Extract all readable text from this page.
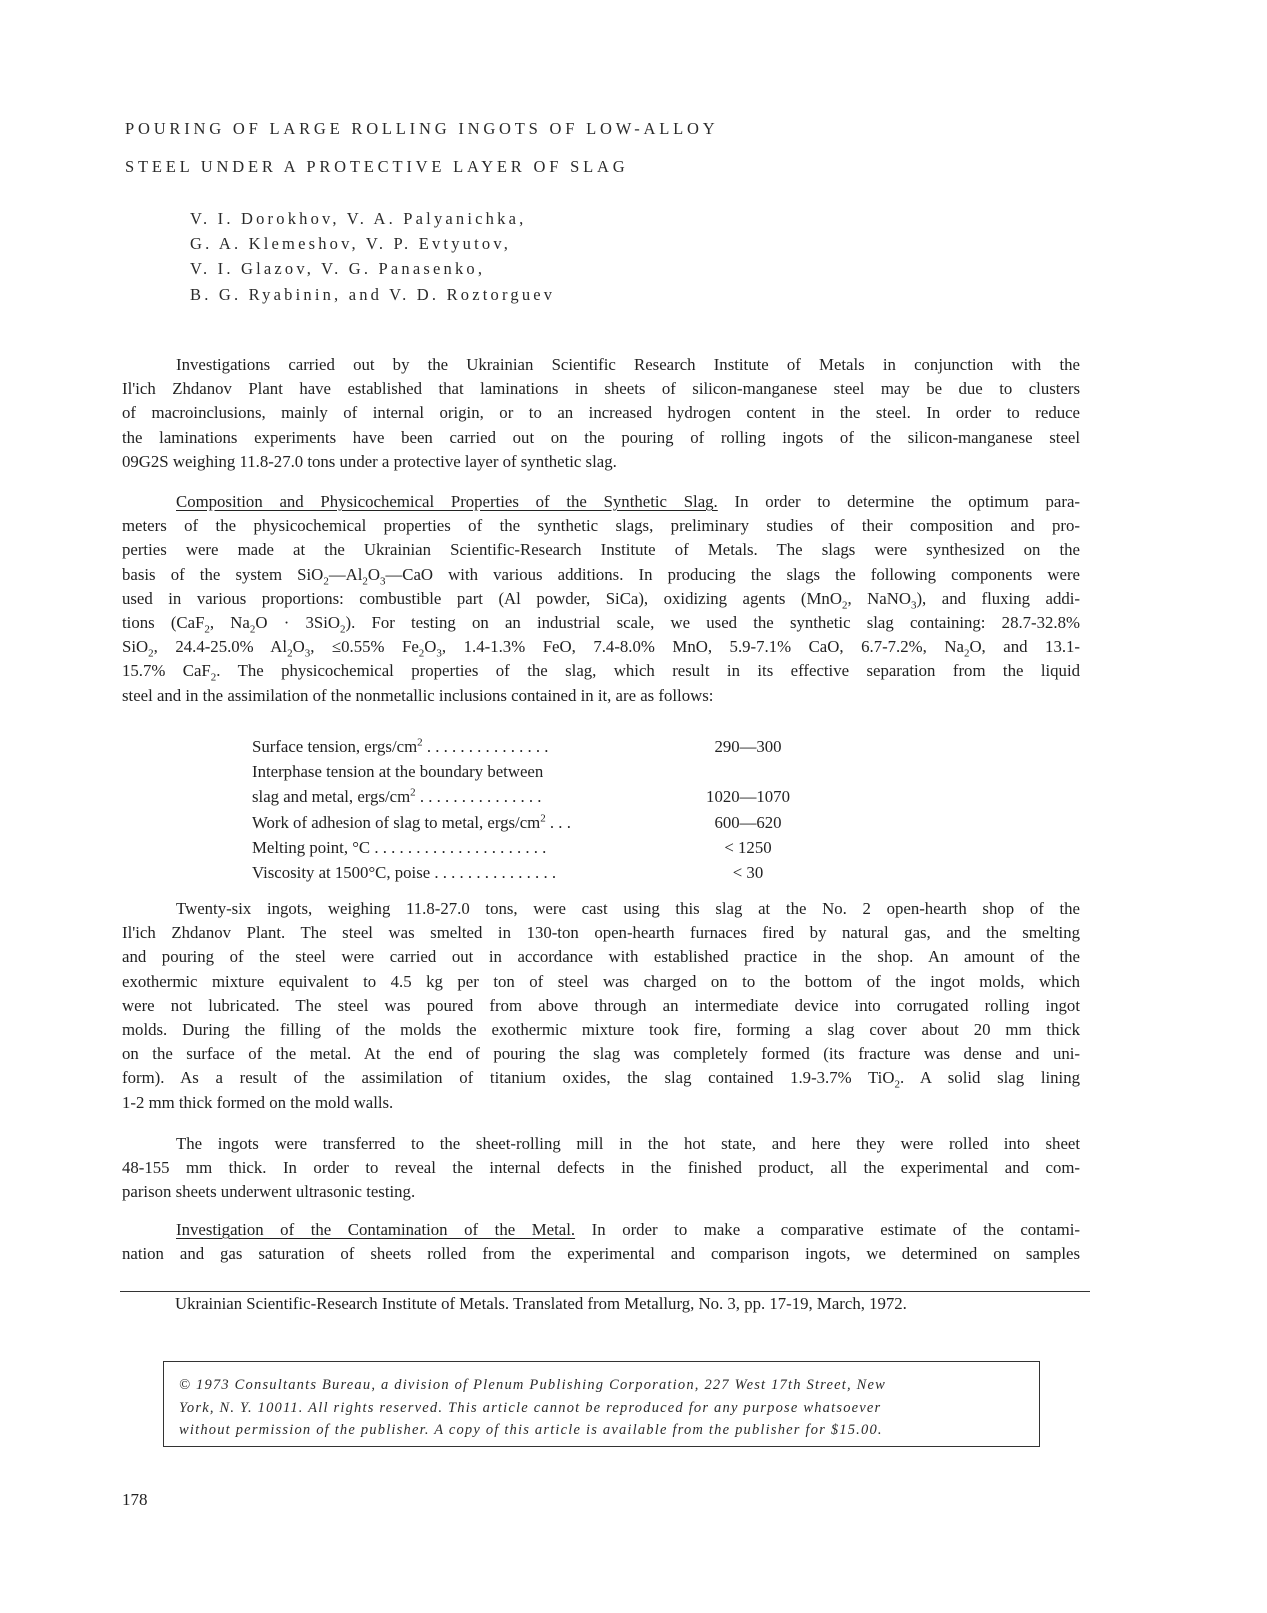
POURING OF LARGE ROLLING INGOTS OF LOW-ALLOY
STEEL UNDER A PROTECTIVE LAYER OF SLAG
V. I. Dorokhov, V. A. Palyanichka,
G. A. Klemeshov, V. P. Evtyutov,
V. I. Glazov, V. G. Panasenko,
B. G. Ryabinin, and V. D. Roztorguev
Investigations carried out by the Ukrainian Scientific Research Institute of Metals in conjunction with the
Il'ich Zhdanov Plant have established that laminations in sheets of silicon-manganese steel may be due to clusters
of macroinclusions, mainly of internal origin, or to an increased hydrogen content in the steel. In order to reduce
the laminations experiments have been carried out on the pouring of rolling ingots of the silicon-manganese steel
09G2S weighing 11.8-27.0 tons under a protective layer of synthetic slag.
Composition and Physicochemical Properties of the Synthetic Slag. In order to determine the optimum para-
meters of the physicochemical properties of the synthetic slags, preliminary studies of their composition and pro-
perties were made at the Ukrainian Scientific-Research Institute of Metals. The slags were synthesized on the
basis of the system $SiO_2—Al_2O_3—CaO$ with various additions. In producing the slags the following components were
used in various proportions: combustible part (Al powder, SiCa), oxidizing agents (MnO$_2$, NaNO$_3$), and fluxing addi-
tions (CaF$_2$, $Na_2O \cdot 3SiO_2$). For testing on an industrial scale, we used the synthetic slag containing: 28.7-32.8%
SiO$_2$, 24.4-25.0% $Al_2O_3$, ≤0.55% $Fe_2O_3$, 1.4-1.3% FeO, 7.4-8.0% MnO, 5.9-7.1% CaO, 6.7-7.2%, $Na_2O$, and 13.1-
15.7% CaF$_2$. The physicochemical properties of the slag, which result in its effective separation from the liquid
steel and in the assimilation of the nonmetallic inclusions contained in it, are as follows:
Surface tension, ergs/$cm^2$ . . . . . . . . . . . . . . .	290—300
Interphase tension at the boundary between
slag and metal, ergs/$cm^2$ . . . . . . . . . . . . . . .	1020—1070
Work of adhesion of slag to metal, ergs/$cm^2$ . . .	600—620
Melting point, °C . . . . . . . . . . . . . . . . . . . . .	< 1250
Viscosity at 1500°C, poise . . . . . . . . . . . . . . .	< 30
Twenty-six ingots, weighing 11.8-27.0 tons, were cast using this slag at the No. 2 open-hearth shop of the
Il'ich Zhdanov Plant. The steel was smelted in 130-ton open-hearth furnaces fired by natural gas, and the smelting
and pouring of the steel were carried out in accordance with established practice in the shop. An amount of the
exothermic mixture equivalent to 4.5 kg per ton of steel was charged on to the bottom of the ingot molds, which
were not lubricated. The steel was poured from above through an intermediate device into corrugated rolling ingot
molds. During the filling of the molds the exothermic mixture took fire, forming a slag cover about 20 mm thick
on the surface of the metal. At the end of pouring the slag was completely formed (its fracture was dense and uni-
form). As a result of the assimilation of titanium oxides, the slag contained 1.9-3.7% TiO$_2$. A solid slag lining
1-2 mm thick formed on the mold walls.
The ingots were transferred to the sheet-rolling mill in the hot state, and here they were rolled into sheet
48-155 mm thick. In order to reveal the internal defects in the finished product, all the experimental and com-
parison sheets underwent ultrasonic testing.
Investigation of the Contamination of the Metal. In order to make a comparative estimate of the contami-
nation and gas saturation of sheets rolled from the experimental and comparison ingots, we determined on samples
Ukrainian Scientific-Research Institute of Metals. Translated from Metallurg, No. 3, pp. 17-19, March, 1972.
© 1973 Consultants Bureau, a division of Plenum Publishing Corporation, 227 West 17th Street, New
York, N. Y. 10011. All rights reserved. This article cannot be reproduced for any purpose whatsoever
without permission of the publisher. A copy of this article is available from the publisher for $15.00.
178
